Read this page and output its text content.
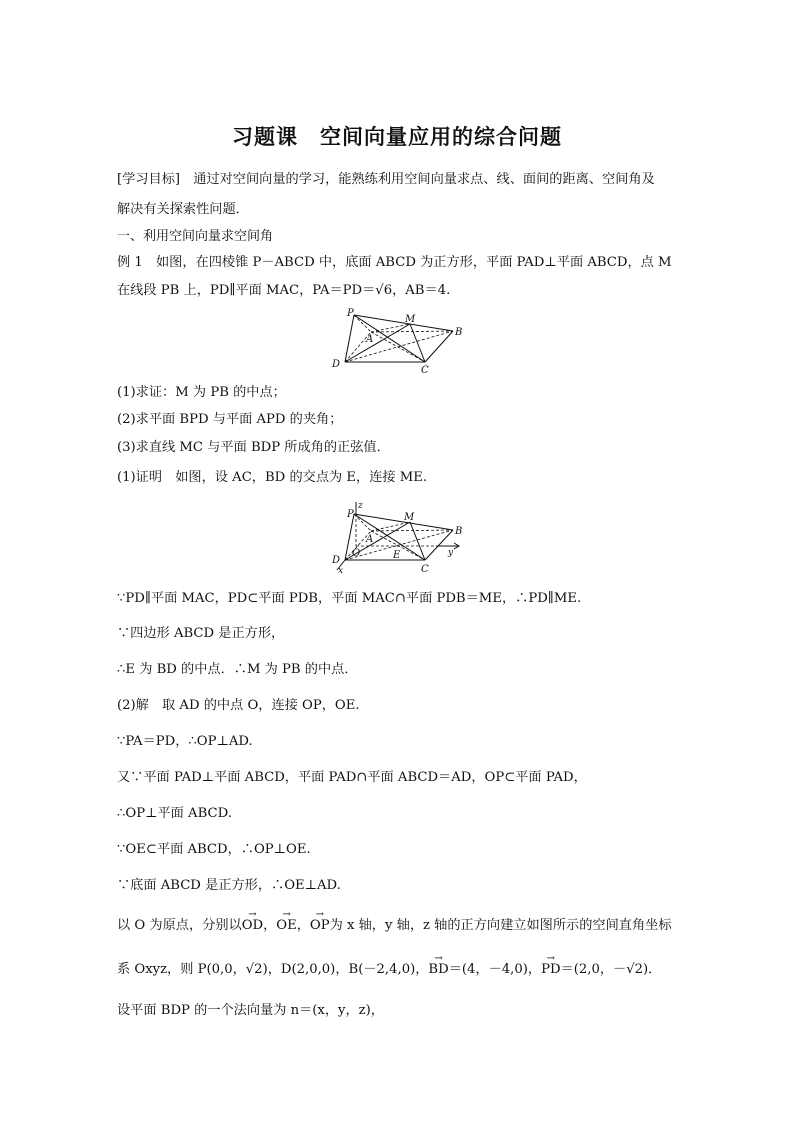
习题课　空间向量应用的综合问题
[学习目标]　通过对空间向量的学习，能熟练利用空间向量求点、线、面间的距离、空间角及
解决有关探索性问题．
一、利用空间向量求空间角
例 1　如图，在四棱锥 P－ABCD 中，底面 ABCD 为正方形，平面 PAD⊥平面 ABCD，点 M
在线段 PB 上，PD∥平面 MAC，PA＝PD＝√6，AB＝4.
P
M
A
B
D
C
(1)求证：M 为 PB 的中点；
(2)求平面 BPD 与平面 APD 的夹角；
(3)求直线 MC 与平面 BDP 所成角的正弦值．
(1)证明　如图，设 AC，BD 的交点为 E，连接 ME.
P
z
M
A
B
O	E	y
D
x	C
∵PD∥平面 MAC，PD⊂平面 PDB，平面 MAC∩平面 PDB＝ME，∴PD∥ME.
∵四边形 ABCD 是正方形，
∴E 为 BD 的中点．∴M 为 PB 的中点．
(2)解　取 AD 的中点 O，连接 OP，OE.
∵PA＝PD，∴OP⊥AD.
又∵平面 PAD⊥平面 ABCD，平面 PAD∩平面 ABCD＝AD，OP⊂平面 PAD，
∴OP⊥平面 ABCD.
∵OE⊂平面 ABCD，∴OP⊥OE.
∵底面 ABCD 是正方形，∴OE⊥AD.
以 O 为原点，分别以→ OD，→ OE，→ OP为 x 轴，y 轴，z 轴的正方向建立如图所示的空间直角坐标
系 Oxyz，则 P(0,0，√2)，D(2,0,0)，B(－2,4,0)，→ BD＝(4，－4,0)，→ PD＝(2,0，－√2)．
设平面 BDP 的一个法向量为 n＝(x，y，z)，
